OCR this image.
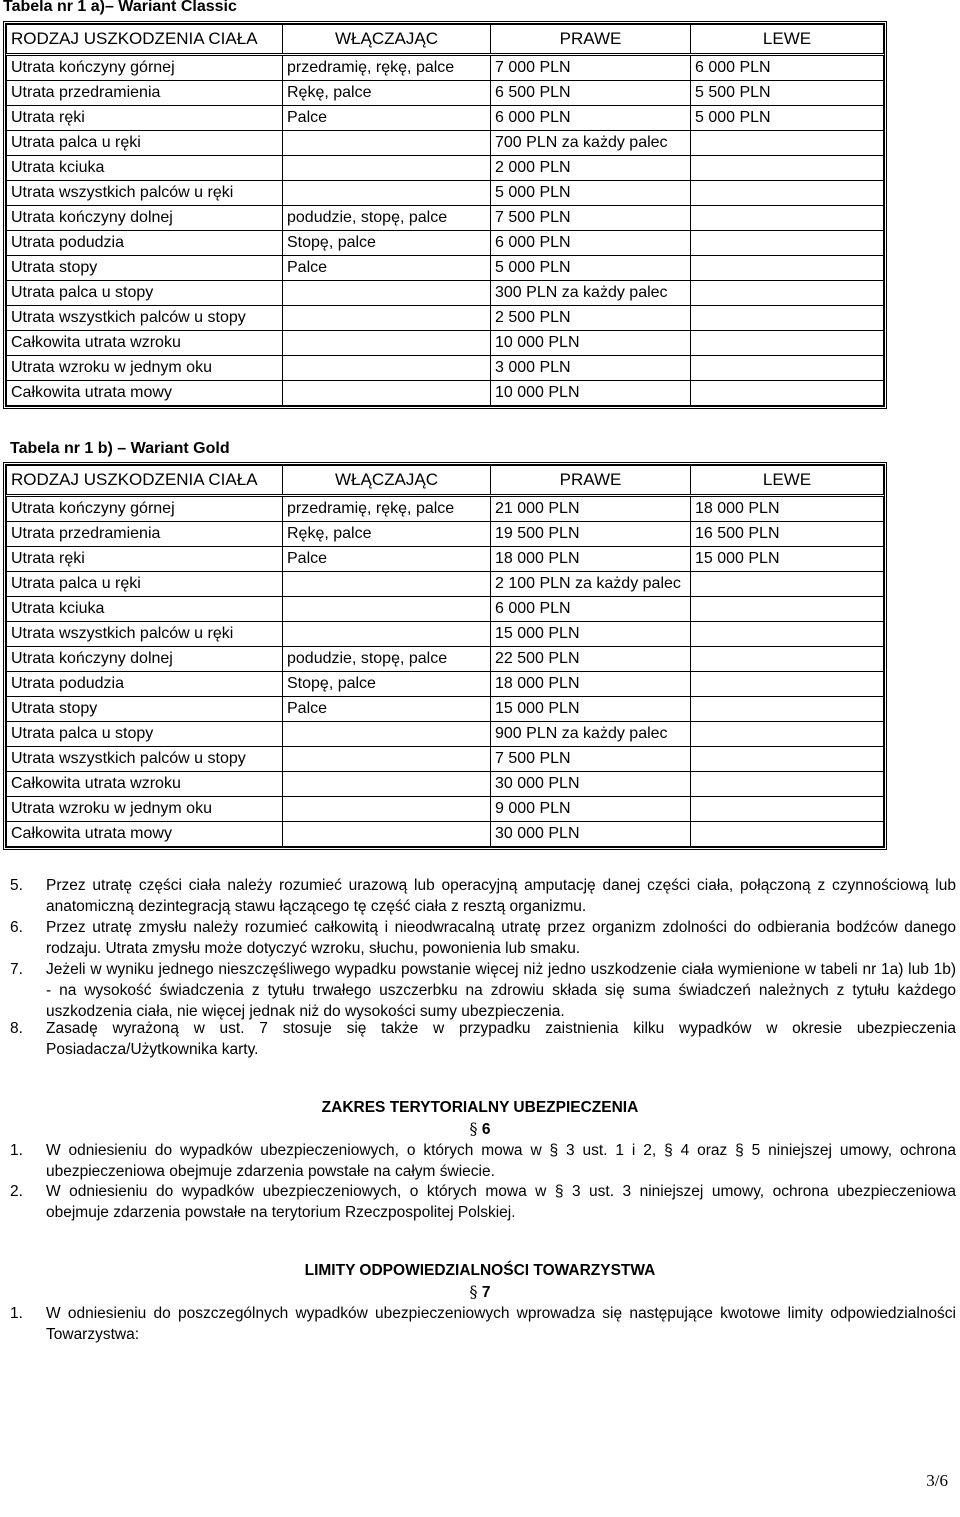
Tabela nr 1 a)– Wariant Classic
RODZAJ USZKODZENIA CIAŁA	WŁĄCZAJĄC	PRAWE	LEWE
Utrata kończyny górnej	przedramię, rękę, palce	7 000 PLN	6 000 PLN
Utrata przedramienia	Rękę, palce	6 500 PLN	5 500 PLN
Utrata ręki	Palce	6 000 PLN	5 000 PLN
Utrata palca u ręki		700 PLN za każdy palec	
Utrata kciuka		2 000 PLN	
Utrata wszystkich palców u ręki		5 000 PLN	
Utrata kończyny dolnej	podudzie, stopę, palce	7 500 PLN	
Utrata podudzia	Stopę, palce	6 000 PLN	
Utrata stopy	Palce	5 000 PLN	
Utrata palca u stopy		300 PLN za każdy palec	
Utrata wszystkich palców u stopy		2 500 PLN	
Całkowita utrata wzroku		10 000 PLN	
Utrata wzroku w jednym oku		3 000 PLN	
Całkowita utrata mowy		10 000 PLN	
Tabela nr 1 b) – Wariant Gold
RODZAJ USZKODZENIA CIAŁA	WŁĄCZAJĄC	PRAWE	LEWE
Utrata kończyny górnej	przedramię, rękę, palce	21 000 PLN	18 000 PLN
Utrata przedramienia	Rękę, palce	19 500 PLN	16 500 PLN
Utrata ręki	Palce	18 000 PLN	15 000 PLN
Utrata palca u ręki		2 100 PLN za każdy palec	
Utrata kciuka		6 000 PLN	
Utrata wszystkich palców u ręki		15 000 PLN	
Utrata kończyny dolnej	podudzie, stopę, palce	22 500 PLN	
Utrata podudzia	Stopę, palce	18 000 PLN	
Utrata stopy	Palce	15 000 PLN	
Utrata palca u stopy		900 PLN za każdy palec	
Utrata wszystkich palców u stopy		7 500 PLN	
Całkowita utrata wzroku		30 000 PLN	
Utrata wzroku w jednym oku		9 000 PLN	
Całkowita utrata mowy		30 000 PLN	
5. Przez utratę części ciała należy rozumieć urazową lub operacyjną amputację danej części ciała, połączoną z czynnościową lub anatomiczną dezintegracją stawu łączącego tę część ciała z resztą organizmu.
6. Przez utratę zmysłu należy rozumieć całkowitą i nieodwracalną utratę przez organizm zdolności do odbierania bodźców danego rodzaju. Utrata zmysłu może dotyczyć wzroku, słuchu, powonienia lub smaku.
7. Jeżeli w wyniku jednego nieszczęśliwego wypadku powstanie więcej niż jedno uszkodzenie ciała wymienione w tabeli nr 1a) lub 1b) - na wysokość świadczenia z tytułu trwałego uszczerbku na zdrowiu składa się suma świadczeń należnych z tytułu każdego uszkodzenia ciała, nie więcej jednak niż do wysokości sumy ubezpieczenia.
8. Zasadę wyrażoną w ust. 7 stosuje się także w przypadku zaistnienia kilku wypadków w okresie ubezpieczenia Posiadacza/Użytkownika karty.
ZAKRES TERYTORIALNY UBEZPIECZENIA
§ 6
1. W odniesieniu do wypadków ubezpieczeniowych, o których mowa w § 3 ust. 1 i 2, § 4 oraz § 5 niniejszej umowy, ochrona ubezpieczeniowa obejmuje zdarzenia powstałe na całym świecie.
2. W odniesieniu do wypadków ubezpieczeniowych, o których mowa w § 3 ust. 3 niniejszej umowy, ochrona ubezpieczeniowa obejmuje zdarzenia powstałe na terytorium Rzeczpospolitej Polskiej.
LIMITY ODPOWIEDZIALNOŚCI TOWARZYSTWA
§ 7
1. W odniesieniu do poszczególnych wypadków ubezpieczeniowych wprowadza się następujące kwotowe limity odpowiedzialności Towarzystwa:
3/6
